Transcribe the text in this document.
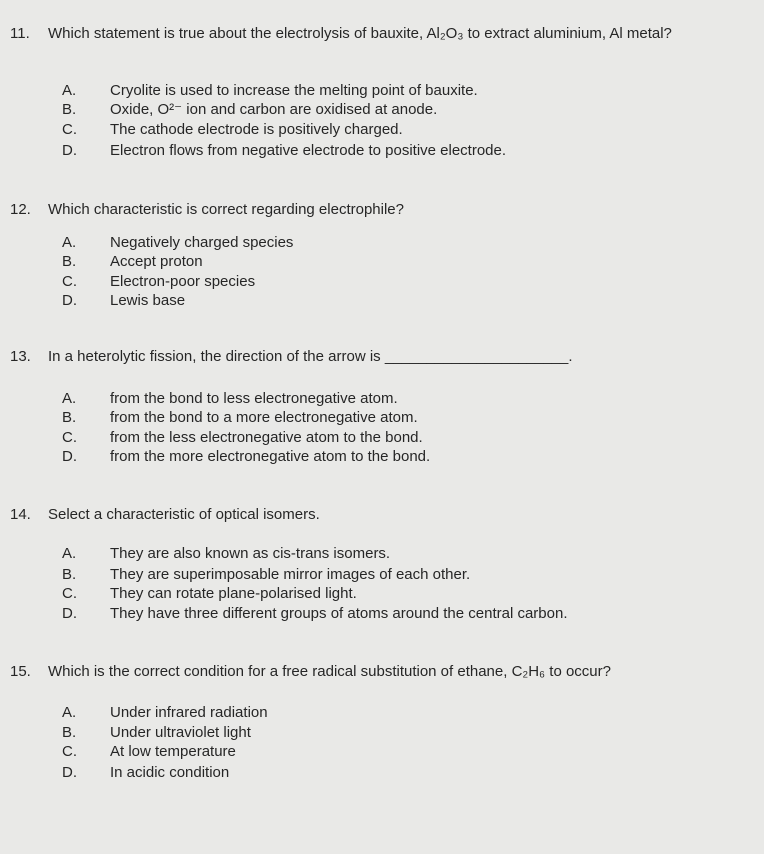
11. Which statement is true about the electrolysis of bauxite, Al₂O₃ to extract aluminium, Al metal?
A. Cryolite is used to increase the melting point of bauxite.
B. Oxide, O²⁻ ion and carbon are oxidised at anode.
C. The cathode electrode is positively charged.
D. Electron flows from negative electrode to positive electrode.
12. Which characteristic is correct regarding electrophile?
A. Negatively charged species
B. Accept proton
C. Electron-poor species
D. Lewis base
13. In a heterolytic fission, the direction of the arrow is ______________________.
A. from the bond to less electronegative atom.
B. from the bond to a more electronegative atom.
C. from the less electronegative atom to the bond.
D. from the more electronegative atom to the bond.
14. Select a characteristic of optical isomers.
A. They are also known as cis-trans isomers.
B. They are superimposable mirror images of each other.
C. They can rotate plane-polarised light.
D. They have three different groups of atoms around the central carbon.
15. Which is the correct condition for a free radical substitution of ethane, C₂H₆ to occur?
A. Under infrared radiation
B. Under ultraviolet light
C. At low temperature
D. In acidic condition
